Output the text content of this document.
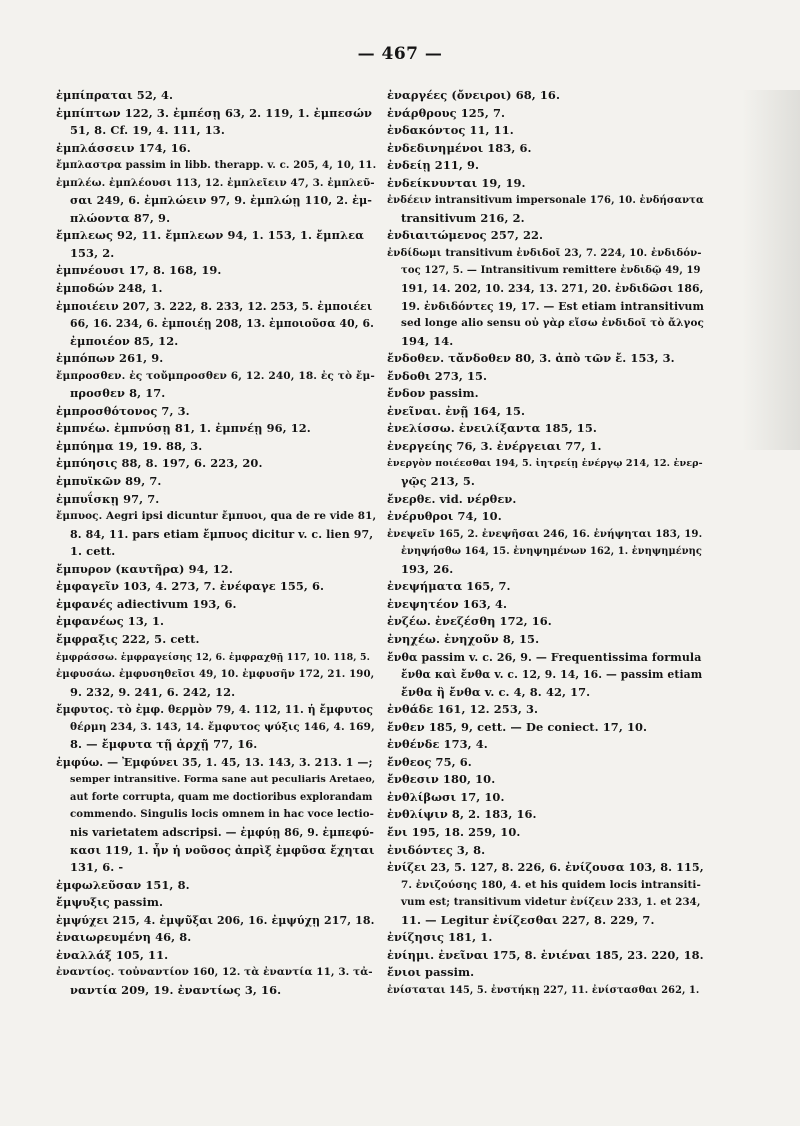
— 467 —
ἐμπίπραται 52, 4.
ἐμπίπτων 122, 3. ἐμπέσῃ 63, 2. 119, 1. ἐμπεσών
51, 8. Cf. 19, 4. 111, 13.
ἐμπλάσσειν 174, 16.
ἔμπλαστρα passim in libb. therapp. v. c. 205, 4, 10, 11.
ἐμπλέω. ἐμπλέουσι 113, 12. ἐμπλεῖειν 47, 3. ἐμπλεῦ-
σαι 249, 6. ἐμπλώειν 97, 9. ἐμπλώῃ 110, 2. ἐμ-
πλώοντα 87, 9.
ἔμπλεως 92, 11. ἔμπλεων 94, 1. 153, 1. ἔμπλεα
153, 2.
ἐμπνέουσι 17, 8. 168, 19.
ἐμποδών 248, 1.
ἐμποιέειν 207, 3. 222, 8. 233, 12. 253, 5. ἐμποιέει
66, 16. 234, 6. ἐμποιέῃ 208, 13. ἐμποιοῦσα 40, 6.
ἐμποιέον 85, 12.
ἐμπόπων 261, 9.
ἔμπροσθεν. ἐς τοὔμπροσθεν 6, 12. 240, 18. ἐς τὸ ἔμ-
προσθεν 8, 17.
ἐμπροσθότονος 7, 3.
ἐμπνέω. ἐμπνύσῃ 81, 1. ἐμπνέῃ 96, 12.
ἐμπύημα 19, 19. 88, 3.
ἐμπύησις 88, 8. 197, 6. 223, 20.
ἐμπυϊκῶν 89, 7.
ἐμπυΐσκῃ 97, 7.
ἔμπυος. Aegri ipsi dicuntur ἔμπυοι, qua de re vide 81,
8. 84, 11. pars etiam ἔμπυος dicitur v. c. lien 97,
1. cett.
ἔμπυρον (καυτῆρα) 94, 12.
ἐμφαγεῖν 103, 4. 273, 7. ἐνέφαγε 155, 6.
ἐμφανές adiectivum 193, 6.
ἐμφανέως 13, 1.
ἔμφραξις 222, 5. cett.
ἐμφράσσω. ἐμφραγείσης 12, 6. ἐμφραχθῇ 117, 10. 118, 5.
ἐμφυσάω. ἐμφυσηθεῖσι 49, 10. ἐμφυσῆν 172, 21. 190,
9. 232, 9. 241, 6. 242, 12.
ἔμφυτος. τὸ ἐμφ. θερμὸν 79, 4. 112, 11. ἡ ἔμφυτος
θέρμη 234, 3. 143, 14. ἔμφυτος ψύξις 146, 4. 169,
8. — ἔμφυτα τῇ ἀρχῇ 77, 16.
ἐμφύω. — Ἐμφύνει 35, 1. 45, 13. 143, 3. 213. 1 —;
semper intransitive. Forma sane aut peculiaris Aretaeo,
aut forte corrupta, quam me doctioribus explorandam
commendo. Singulis locis omnem in hac voce lectio-
nis varietatem adscripsi. — ἐμφύῃ 86, 9. ἐμπεφύ-
κασι 119, 1. ἦν ἡ νοῦσος ἀπρὶξ ἐμφῦσα ἔχηται
131, 6. -
ἐμφωλεῦσαν 151, 8.
ἔμψυξις passim.
ἐμψύχει 215, 4. ἐμψῦξαι 206, 16. ἐμψύχῃ 217, 18.
ἐναιωρευμένη 46, 8.
ἐναλλάξ 105, 11.
ἐναντίος. τοὐναντίον 160, 12. τὰ ἐναντία 11, 3. τἀ-
ναντία 209, 19. ἐναντίως 3, 16.
ἐναργέες (ὄνειροι) 68, 16.
ἐνάρθρους 125, 7.
ἐνδακόντος 11, 11.
ἐνδεδινημένοι 183, 6.
ἐνδείῃ 211, 9.
ἐνδείκνυνται 19, 19.
ἐνδέειν intransitivum impersonale 176, 10. ἐνδήσαντα
transitivum 216, 2.
ἐνδιαιτώμενος 257, 22.
ἐνδίδωμι transitivum ἐνδιδοῖ 23, 7. 224, 10. ἐνδιδόν-
τος 127, 5. — Intransitivum remittere ἐνδιδῷ 49, 19
191, 14. 202, 10. 234, 13. 271, 20. ἐνδιδῶσι 186,
19. ἐνδιδόντες 19, 17. — Est etiam intransitivum
sed longe alio sensu οὐ γὰρ εἴσω ἐνδιδοῖ τὸ ἄλγος
194, 14.
ἔνδοθεν. τἄνδοθεν 80, 3. ἀπὸ τῶν ἔ. 153, 3.
ἔνδοθι 273, 15.
ἔνδον passim.
ἐνεῖναι. ἐνῇ 164, 15.
ἐνελίσσω. ἐνειλίξαντα 185, 15.
ἐνεργείης 76, 3. ἐνέργειαι 77, 1.
ἐνεργὸν ποιέεσθαι 194, 5. ἰητρείῃ ἐνέργῳ 214, 12. ἐνερ-
γῷς 213, 5.
ἔνερθε. vid. νέρθεν.
ἐνέρυθροι 74, 10.
ἐνεψεῖν 165, 2. ἐνεψῆσαι 246, 16. ἐνήψηται 183, 19.
ἐνηψήσθω 164, 15. ἐνηψημένων 162, 1. ἐνηψημένης
193, 26.
ἐνεψήματα 165, 7.
ἐνεψητέον 163, 4.
ἐνζέω. ἐνεζέσθη 172, 16.
ἐνηχέω. ἐνηχοῦν 8, 15.
ἔνθα passim v. c. 26, 9. — Frequentissima formula
ἔνθα καὶ ἔνθα v. c. 12, 9. 14, 16. — passim etiam
ἔνθα ἢ ἔνθα v. c. 4, 8. 42, 17.
ἐνθάδε 161, 12. 253, 3.
ἔνθεν 185, 9, cett. — De coniect. 17, 10.
ἐνθένδε 173, 4.
ἔνθεος 75, 6.
ἔνθεσιν 180, 10.
ἐνθλίβωσι 17, 10.
ἐνθλίψιν 8, 2. 183, 16.
ἔνι 195, 18. 259, 10.
ἐνιδόντες 3, 8.
ἐνίζει 23, 5. 127, 8. 226, 6. ἐνίζουσα 103, 8. 115,
7. ἐνιζούσης 180, 4. et his quidem locis intransiti-
vum est; transitivum videtur ἐνίζειν 233, 1. et 234,
11. — Legitur ἐνίζεσθαι 227, 8. 229, 7.
ἐνίζησις 181, 1.
ἐνίημι. ἐνεῖναι 175, 8. ἐνιέναι 185, 23. 220, 18.
ἔνιοι passim.
ἐνίσταται 145, 5. ἐνστήκῃ 227, 11. ἐνίστασθαι 262, 1.
